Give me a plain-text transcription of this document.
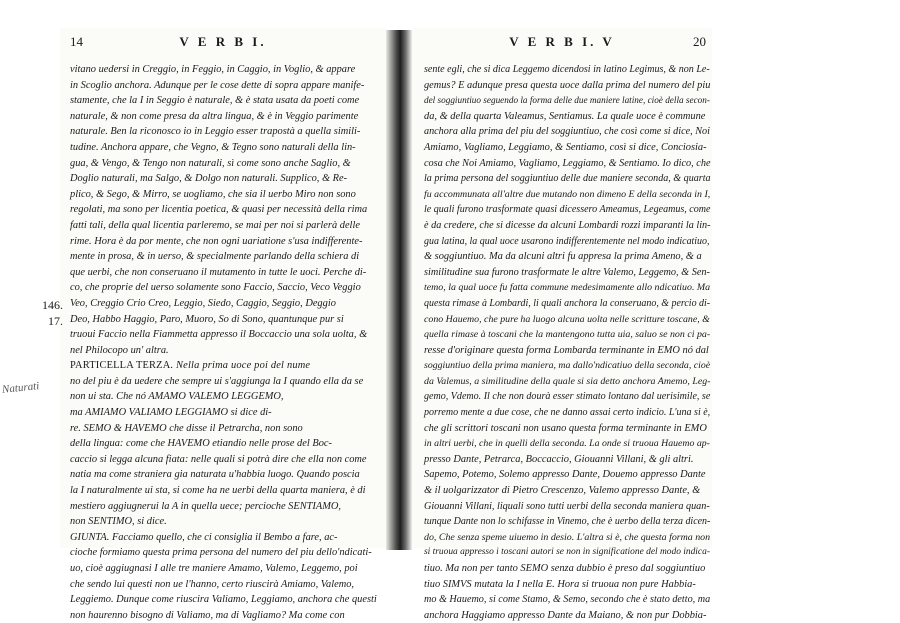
14	V E R B I.
vitano uedersi in Creggio, in Feggio, in Caggio, in Voglio, & appare
in Scoglio anchora. Adunque per le cose dette di sopra appare manife-
stamente, che la I in Seggio è naturale, & è stata usata da poeti come
naturale, & non come presa da altra lingua, & è in Veggio parimente
naturale. Ben la riconosco io in Leggio esser trapostà a quella simili-
tudine. Anchora appare, che Vegno, & Tegno sono naturali della lin-
gua, & Vengo, & Tengo non naturali, sì come sono anche Saglio, &
Doglio naturali, ma Salgo, & Dolgo non naturali. Supplico, & Re-
plico, & Sego, & Mirro, se uogliamo, che sia il uerbo Miro non sono
regolati, ma sono per licentia poetica, & quasi per necessità della rima
fatti tali, della qual licentia parleremo, se mai per noi si parlerà delle
rime. Hora è da por mente, che non ogni uariatione s'usa indifferente-
mente in prosa, & in uerso, & specialmente parlando della schiera di
que uerbi, che non conseruano il mutamento in tutte le uoci. Perche di-
co, che proprie del uerso solamente sono Faccio, Saccio, Veco Veggio
Veo, Creggio Crio Creo, Leggio, Siedo, Caggio, Seggio, Deggio
Deo, Habbo Haggio, Paro, Muoro, So di Sono, quantunque pur si
truoui Faccio nella Fiammetta appresso il Boccaccio una sola uolta, &
nel Philocopo un' altra.
PARTICELLA TERZA. Nella prima uoce poi del nume
no del piu è da uedere che sempre ui s'aggiunga la I quando ella da se
non ui sta. Che nó AMAMO VALEMO LEGGEMO,
ma AMIAMO VALIAMO LEGGIAMO si dice di-
re. SEMO & HAVEMO che disse il Petrarcha, non sono
della lingua: come che HAVEMO etiandio nelle prose del Boc-
caccio si legga alcuna fiata: nelle quali si potrà dire che ella non come
natia ma come straniera gia naturata u'habbia luogo. Quando poscia
la I naturalmente ui sta, si come ha ne uerbi della quarta maniera, è di
mestiero aggiugnerui la A in quella uece; percioche SENTIAMO,
non SENTIMO, si dice.
GIUNTA. Facciamo quello, che ci consiglia il Bembo a fare, ac-
cioche formiamo questa prima persona del numero del piu dello'ndicati-
uo, cioè aggiugnasi I alle tre maniere Amamo, Valemo, Leggemo, poi
che sendo lui questi non ue l'hanno, certo riuscirà Amiamo, Valemo,
Leggiemo. Dunque come riuscira Valiamo, Leggiamo, anchora che questi
non haurenno bisogno di Valiamo, ma di Vagliamo? Ma come con
V E R B I. V	20
sente egli, che si dica Leggemo dicendosi in latino Legimus, & non Le-
gemus? E adunque presa questa uoce dalla prima del numero del piu
del soggiuntiuo seguendo la forma delle due maniere latine, cioè della secon-
da, & della quarta Valeamus, Sentiamus. La quale uoce è commune
anchora alla prima del piu del soggiuntiuo, che così come si dice, Noi
Amiamo, Vagliamo, Leggiamo, & Sentiamo, così si dice, Conciosia-
cosa che Noi Amiamo, Vagliamo, Leggiamo, & Sentiamo. Io dico, che
la prima persona del soggiuntiuo delle due maniere seconda, & quarta
fu accommunata all'altre due mutando non dimeno E della seconda in I,
le quali furono trasformate quasi dicessero Ameamus, Legeamus, come
è da credere, che si dicesse da alcuni Lombardi rozzi imparanti la lin-
gua latina, la qual uoce usarono indifferentemente nel modo indicatiuo,
& soggiuntiuo. Ma da alcuni altri fu appresa la prima Ameno, & a
similitudine sua furono trasformate le altre Valemo, Leggemo, & Sen-
temo, la qual uoce fu fatta commune medesimamente allo ndicatiuo. Ma
questa rimase à Lombardi, li quali anchora la conseruano, & percio di-
cono Hauemo, che pure ha luogo alcuna uolta nelle scritture toscane, &
quella rimase à toscani che la mantengono tutta uia, saluo se non ci pa-
resse d'originare questa forma Lombarda terminante in EMO nó dal
soggiuntiuo della prima maniera, ma dallo'ndicatiuo della seconda, cioè
da Valemus, a similitudine della quale si sia detto anchora Amemo, Leg-
gemo, Vdemo. Il che non dourà esser stimato lontano dal uerisimile, se
porremo mente a due cose, che ne danno assai certo indicio. L'una si è,
che gli scrittori toscani non usano questa forma terminante in EMO
in altri uerbi, che in quelli della seconda. La onde si truoua Hauemo ap-
presso Dante, Petrarca, Boccaccio, Giouanni Villani, & gli altri.
Sapemo, Potemo, Solemo appresso Dante, Douemo appresso Dante
& il uolgarizzator di Pietro Crescenzo, Valemo appresso Dante, &
Giouanni Villani, liquali sono tutti uerbi della seconda maniera quan-
tunque Dante non lo schifasse in Vinemo, che è uerbo della terza dicen-
do, Che senza speme uiuemo in desio. L'altra si è, che questa forma non
si truoua appresso i toscani autori se non in significatione del modo indica-
tiuo. Ma non per tanto SEMO senza dubbio è preso dal soggiuntiuo
tiuo SIMVS mutata la I nella E. Hora si truoua non pure Habbia-
mo & Hauemo, si come Stamo, & Semo, secondo che è stato detto, ma
anchora Haggiamo appresso Dante da Maiano, & non pur Dobbia-
146.
17.
Naturati
